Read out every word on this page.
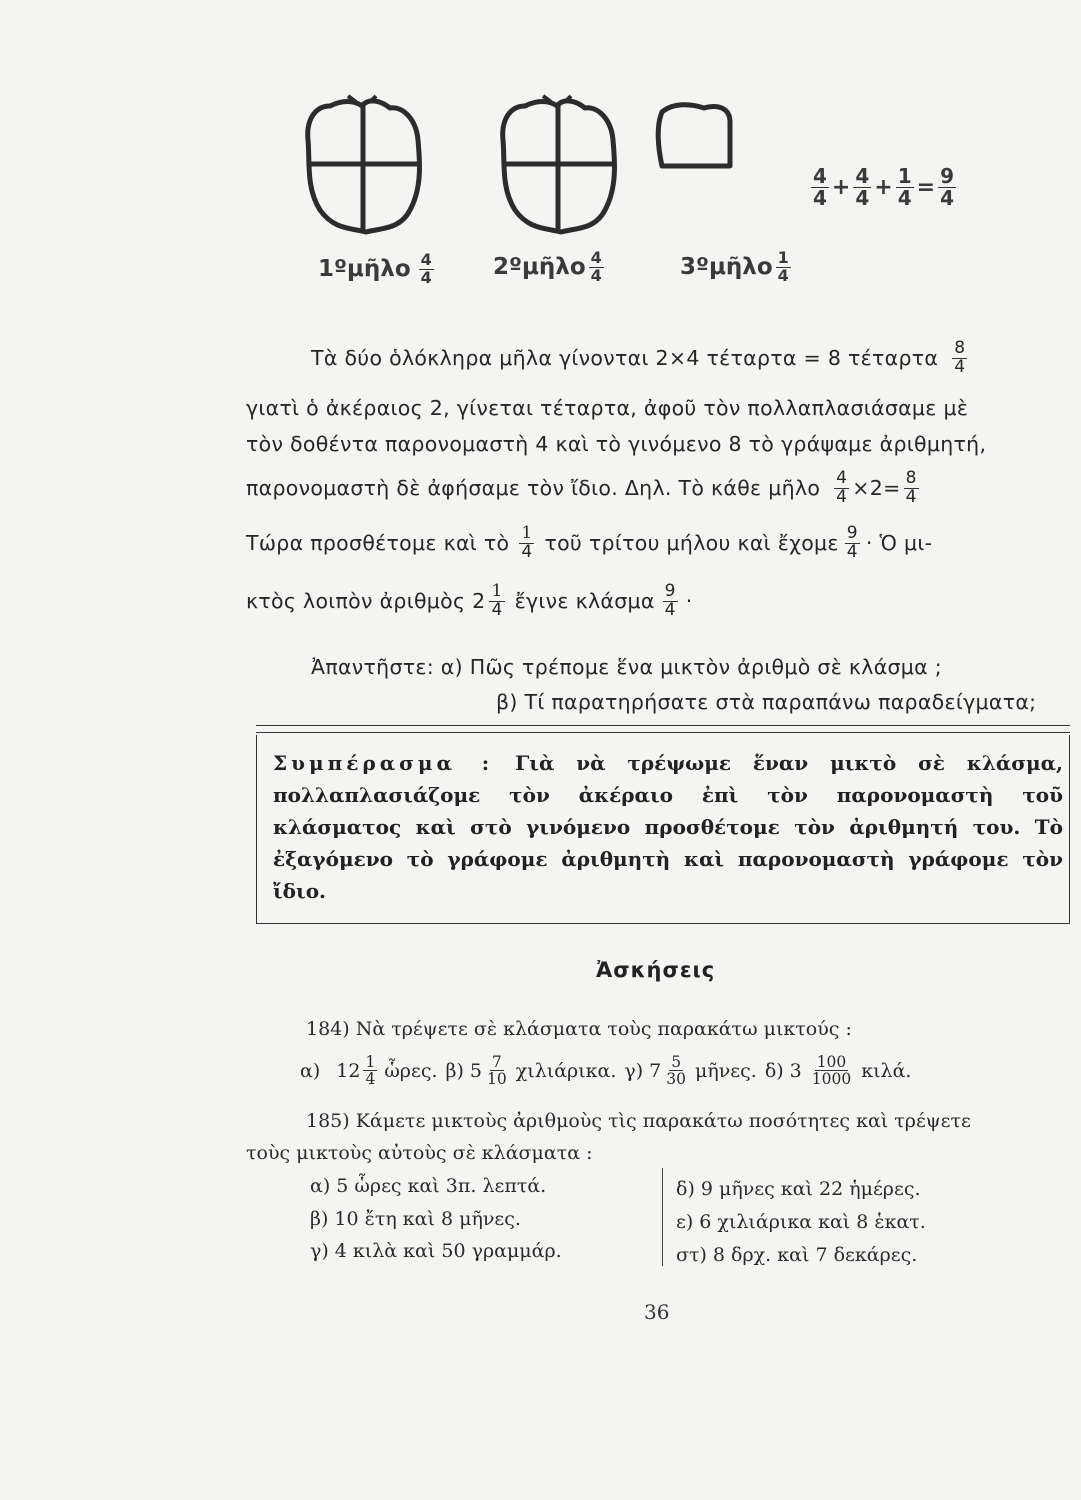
1ºμῆλο $\frac{4}{4}$	2ºμῆλο $\frac{4}{4}$	3ºμῆλο $\frac{1}{4}$
$\frac{4}{4} + \frac{4}{4} + \frac{1}{4} = \frac{9}{4}$
Τὰ δύο ὁλόκληρα μῆλα γίνονται 2×4 τέταρτα = 8 τέταρτα $\frac{8}{4}$
γιατὶ ὁ ἀκέραιος 2, γίνεται τέταρτα, ἀφοῦ τὸν πολλαπλασιάσαμε μὲ
τὸν δοθέντα παρονομαστὴ 4 καὶ τὸ γινόμενο 8 τὸ γράψαμε ἀριθμητή,
παρονομαστὴ δὲ ἀφήσαμε τὸν ἴδιο. Δηλ. Τὸ κάθε μῆλο $\frac{4}{4} \times 2= \frac{8}{4}$
Τώρα προσθέτομε καὶ τὸ $\frac{1}{4}$ τοῦ τρίτου μήλου καὶ ἔχομε $\frac{9}{4}$ · Ὁ μι-
κτὸς λοιπὸν ἀριθμὸς $2 \frac{1}{4}$ ἔγινε κλάσμα $\frac{9}{4}$ ·
Ἀπαντῆστε: α) Πῶς τρέπομε ἕνα μικτὸν ἀριθμὸ σὲ κλάσμα ;
β) Τί παρατηρήσατε στὰ παραπάνω παραδείγματα;
Συμπέρασμα : Γιὰ νὰ τρέψωμε ἕναν μικτὸ σὲ κλάσμα, πολλαπλασιάζομε τὸν ἀκέραιο ἐπὶ τὸν παρονομαστὴ τοῦ κλάσματος καὶ στὸ γινόμενο προσθέτομε τὸν ἀριθμητή του. Τὸ ἐξαγόμενο τὸ γράφομε ἀριθμητὴ καὶ παρονομαστὴ γράφομε τὸν ἴδιο.
Ἀσκήσεις
184) Νὰ τρέψετε σὲ κλάσματα τοὺς παρακάτω μικτούς :
α) $12 \frac{1}{4}$ ὧρες. β) $5 \frac{7}{10} \chi\iota\lambda\iota ά\rho\iota\kappa\alpha$. γ) $7 \frac{5}{30}$ μῆνες. δ) $3 \frac{100}{1000} \kappa\iota\lambda ά$.
185) Κάμετε μικτοὺς ἀριθμοὺς τὶς παρακάτω ποσότητες καὶ τρέψετε
τοὺς μικτοὺς αὐτοὺς σὲ κλάσματα :
α) 5 ὧρες καὶ 3π. λεπτά.
β) 10 ἔτη καὶ 8 μῆνες.
γ) 4 κιλὰ καὶ 50 γραμμάρ.
δ) 9 μῆνες καὶ 22 ἡμέρες.
ε) 6 χιλιάρικα καὶ 8 ἑκατ.
στ) 8 δρχ. καὶ 7 δεκάρες.
36
